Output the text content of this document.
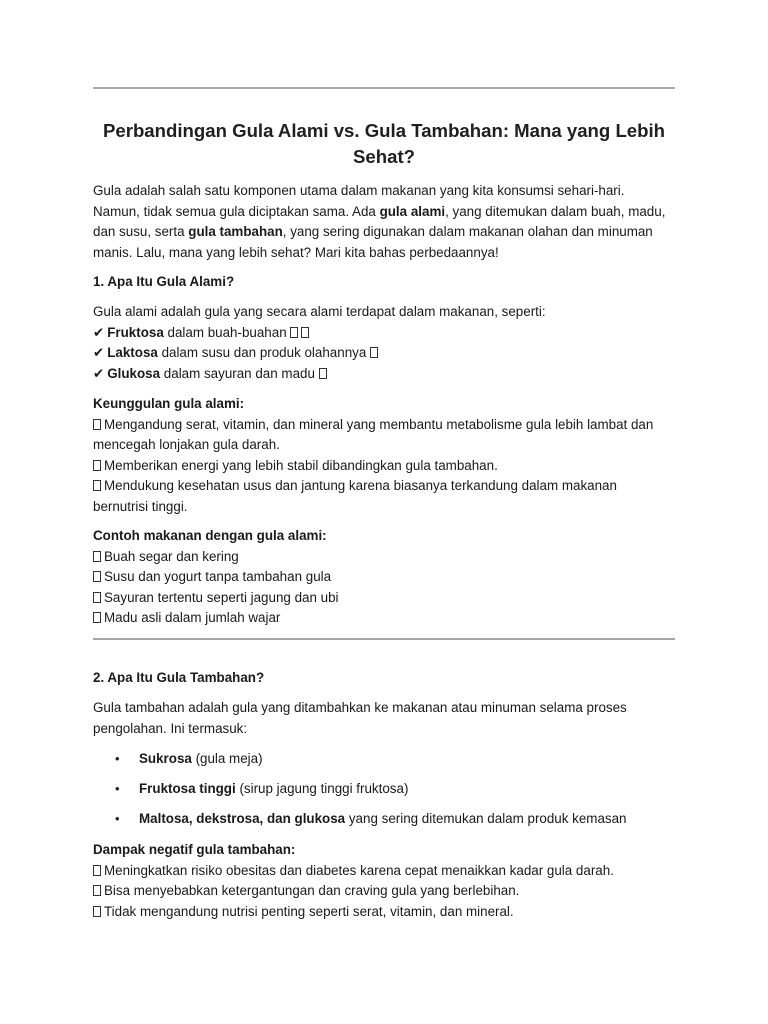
Perbandingan Gula Alami vs. Gula Tambahan: Mana yang Lebih Sehat?

Gula adalah salah satu komponen utama dalam makanan yang kita konsumsi sehari-hari. Namun, tidak semua gula diciptakan sama. Ada gula alami, yang ditemukan dalam buah, madu, dan susu, serta gula tambahan, yang sering digunakan dalam makanan olahan dan minuman manis. Lalu, mana yang lebih sehat? Mari kita bahas perbedaannya!

1. Apa Itu Gula Alami?

Gula alami adalah gula yang secara alami terdapat dalam makanan, seperti:

✔ Fruktosa dalam buah-buahan

✔ Laktosa dalam susu dan produk olahannya

✔ Glukosa dalam sayuran dan madu

Keunggulan gula alami:

Mengandung serat, vitamin, dan mineral yang membantu metabolisme gula lebih lambat dan mencegah lonjakan gula darah.

Memberikan energi yang lebih stabil dibandingkan gula tambahan.

Mendukung kesehatan usus dan jantung karena biasanya terkandung dalam makanan bernutrisi tinggi.

Contoh makanan dengan gula alami:

Buah segar dan kering

Susu dan yogurt tanpa tambahan gula

Sayuran tertentu seperti jagung dan ubi

Madu asli dalam jumlah wajar

2. Apa Itu Gula Tambahan?
Gula tambahan adalah gula yang ditambahkan ke makanan atau minuman selama proses pengolahan. Ini termasuk:
• Sukrosa (gula meja)
• Fruktosa tinggi (sirup jagung tinggi fruktosa)
• Maltosa, dekstrosa, dan glukosa yang sering ditemukan dalam produk kemasan

Dampak negatif gula tambahan:

Meningkatkan risiko obesitas dan diabetes karena cepat menaikkan kadar gula darah.

Bisa menyebabkan ketergantungan dan craving gula yang berlebihan.

Tidak mengandung nutrisi penting seperti serat, vitamin, dan mineral.
